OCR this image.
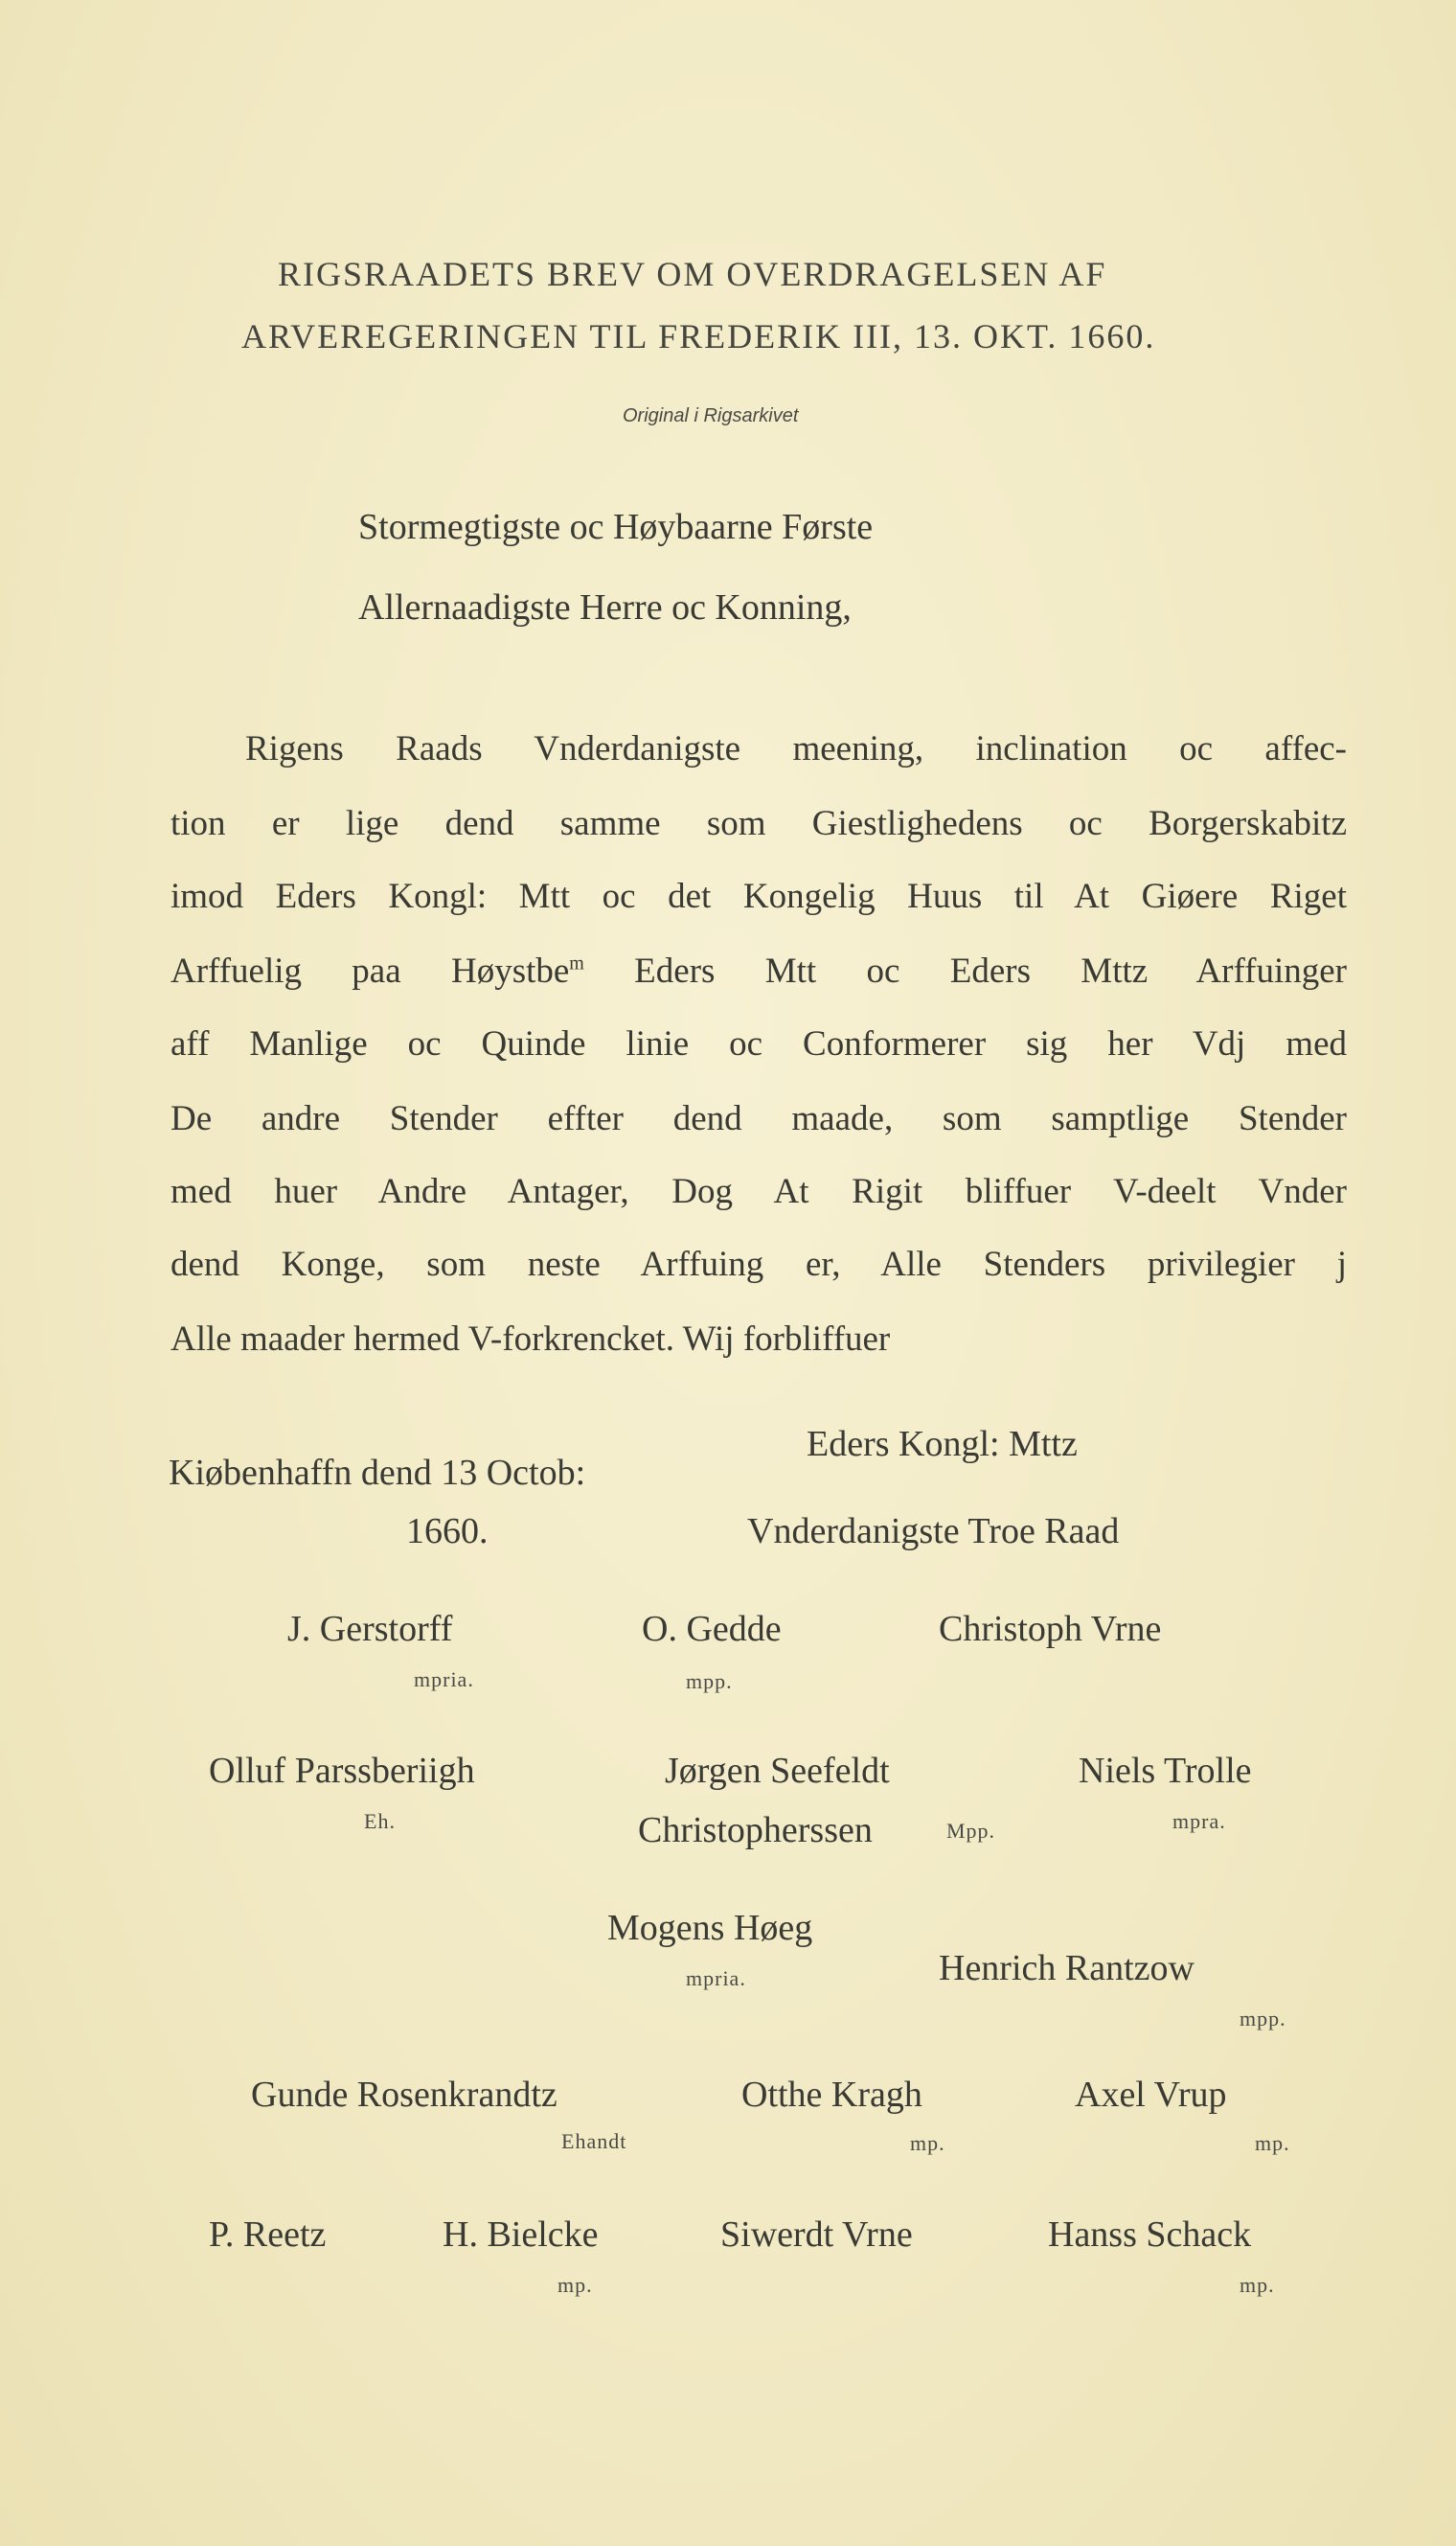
RIGSRAADETS BREV OM OVERDRAGELSEN AF
ARVEREGERINGEN TIL FREDERIK III, 13. OKT. 1660.
Original i Rigsarkivet
Stormegtigste oc Høybaarne Første
Allernaadigste Herre oc Konning,
Rigens Raads Vnderdanigste meening, inclination oc affec-
tion er lige dend samme som Giestlighedens oc Borgerskabitz
imod Eders Kongl: Mtt oc det Kongelig Huus til At Giøere Riget
Arffuelig paa Høystbe$^m$ Eders Mtt oc Eders Mttz Arffuinger
aff Manlige oc Quinde linie oc Conformerer sig her Vdj med
De andre Stender effter dend maade, som samptlige Stender
med huer Andre Antager, Dog At Rigit bliffuer V-deelt Vnder
dend Konge, som neste Arffuing er, Alle Stenders privilegier j
Alle maader hermed V-forkrencket. Wij forbliffuer
Kiøbenhaffn dend 13 Octob:
1660.
Eders Kongl: Mttz
Vnderdanigste Troe Raad
J. Gerstorff
mpria.
O. Gedde
mpp.
Christoph Vrne
Olluf Parssberiigh
Eh.
Jørgen Seefeldt
Christopherssen	Mpp.
Niels Trolle
mpra.
Mogens Høeg
mpria.	Henrich Rantzow
mpp.
Gunde Rosenkrandtz
Ehandt
Otthe Kragh
mp.
Axel Vrup
mp.
P. Reetz	H. Bielcke
mp.
Siwerdt Vrne	Hanss Schack
mp.
